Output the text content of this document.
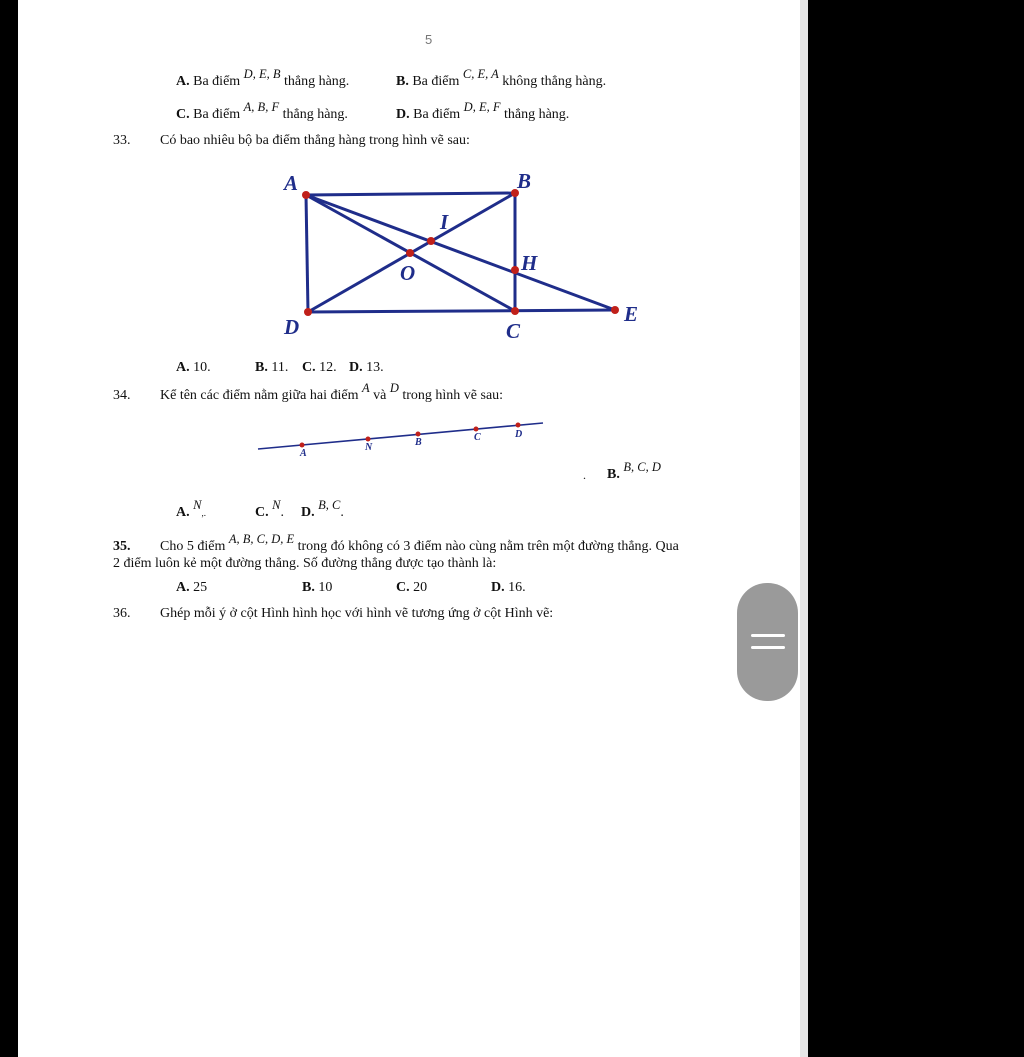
5
A. Ba điểm D, E, B thẳng hàng.	B. Ba điểm C, E, A không thẳng hàng.
C. Ba điểm A, B, F thẳng hàng.	D. Ba điểm D, E, F thẳng hàng.
33. Có bao nhiêu bộ ba điểm thẳng hàng trong hình vẽ sau:
A	B
I
O	H
D	C
E
A. 10.	B. 11. C. 12. D. 13.
34. Kể tên các điểm nằm giữa hai điểm A và D trong hình vẽ sau:
A
N	B	C	D
. B. B, C, D
A. N,.	C. N. D. B, C.
35. Cho 5 điểm A, B, C, D, E trong đó không có 3 điểm nào cùng nằm trên một đường thẳng. Qua
2 điểm luôn kẻ một đường thẳng. Số đường thẳng được tạo thành là:
A. 25	B. 10	C. 20	D. 16.
36. Ghép mỗi ý ở cột Hình hình học với hình vẽ tương ứng ở cột Hình vẽ:
